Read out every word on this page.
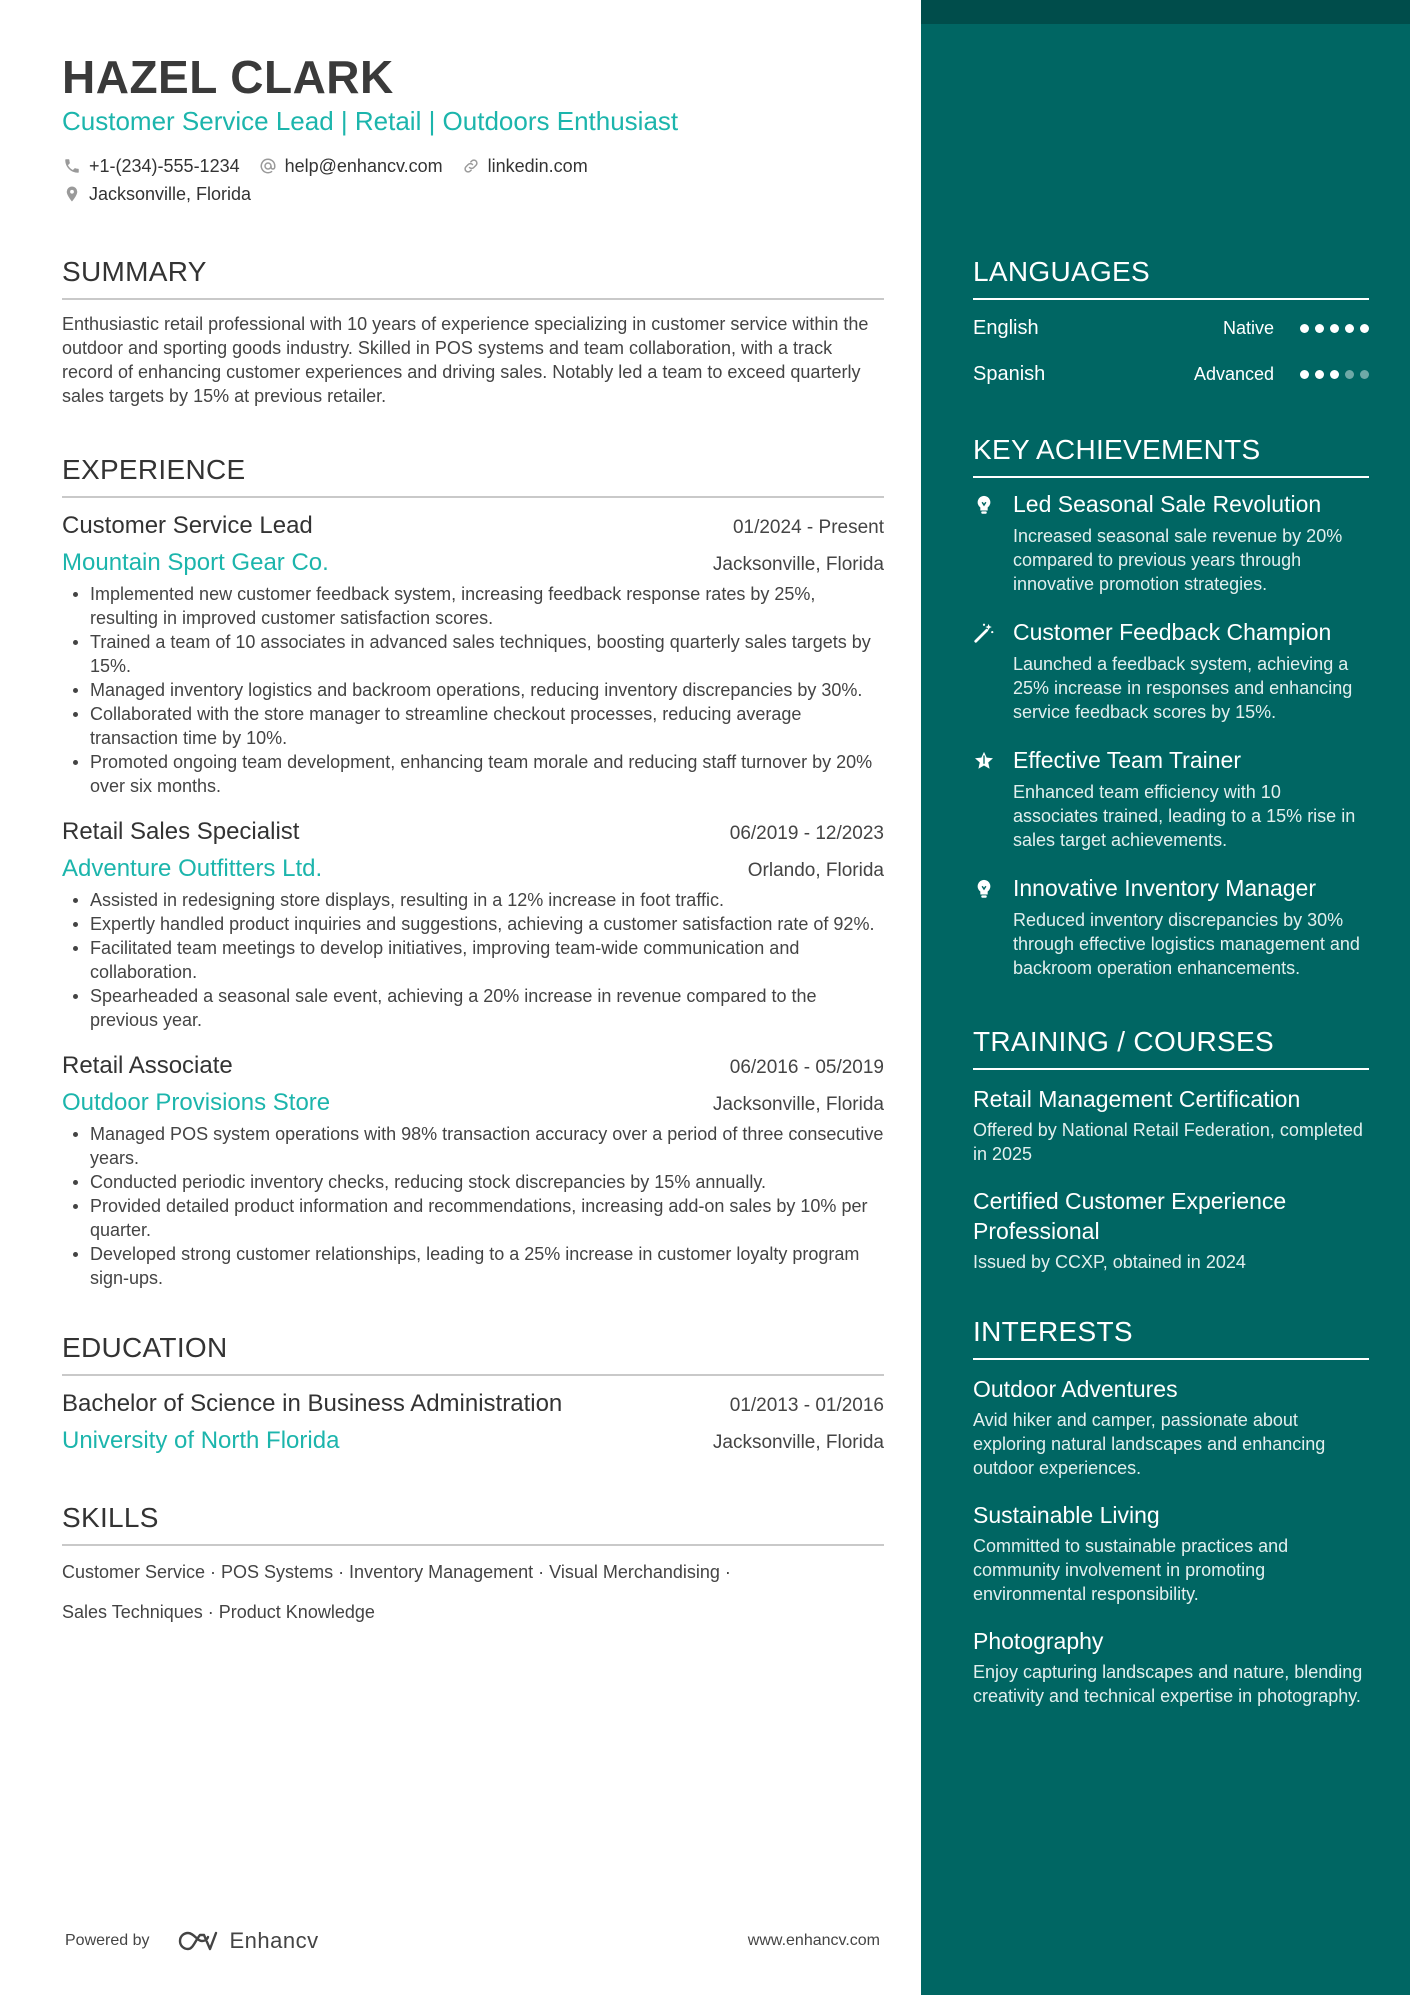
HAZEL CLARK
Customer Service Lead | Retail | Outdoors Enthusiast
+1-(234)-555-1234	help@enhancv.com	linkedin.com
Jacksonville, Florida
SUMMARY
Enthusiastic retail professional with 10 years of experience specializing in customer service within the outdoor and sporting goods industry. Skilled in POS systems and team collaboration, with a track record of enhancing customer experiences and driving sales. Notably led a team to exceed quarterly sales targets by 15% at previous retailer.
EXPERIENCE
Customer Service Lead	01/2024 - Present
Mountain Sport Gear Co.	Jacksonville, Florida
Implemented new customer feedback system, increasing feedback response rates by 25%, resulting in improved customer satisfaction scores.
Trained a team of 10 associates in advanced sales techniques, boosting quarterly sales targets by 15%.
Managed inventory logistics and backroom operations, reducing inventory discrepancies by 30%.
Collaborated with the store manager to streamline checkout processes, reducing average transaction time by 10%.
Promoted ongoing team development, enhancing team morale and reducing staff turnover by 20% over six months.
Retail Sales Specialist	06/2019 - 12/2023
Adventure Outfitters Ltd.	Orlando, Florida
Assisted in redesigning store displays, resulting in a 12% increase in foot traffic.
Expertly handled product inquiries and suggestions, achieving a customer satisfaction rate of 92%.
Facilitated team meetings to develop initiatives, improving team-wide communication and collaboration.
Spearheaded a seasonal sale event, achieving a 20% increase in revenue compared to the previous year.
Retail Associate	06/2016 - 05/2019
Outdoor Provisions Store	Jacksonville, Florida
Managed POS system operations with 98% transaction accuracy over a period of three consecutive years.
Conducted periodic inventory checks, reducing stock discrepancies by 15% annually.
Provided detailed product information and recommendations, increasing add-on sales by 10% per quarter.
Developed strong customer relationships, leading to a 25% increase in customer loyalty program sign-ups.
EDUCATION
Bachelor of Science in Business Administration	01/2013 - 01/2016
University of North Florida	Jacksonville, Florida
SKILLS
Customer Service · POS Systems · Inventory Management · Visual Merchandising ·
Sales Techniques · Product Knowledge
Powered by	Enhancv	www.enhancv.com
LANGUAGES
English	Native
Spanish	Advanced
KEY ACHIEVEMENTS
Led Seasonal Sale Revolution
Increased seasonal sale revenue by 20% compared to previous years through innovative promotion strategies.
Customer Feedback Champion
Launched a feedback system, achieving a 25% increase in responses and enhancing service feedback scores by 15%.
Effective Team Trainer
Enhanced team efficiency with 10 associates trained, leading to a 15% rise in sales target achievements.
Innovative Inventory Manager
Reduced inventory discrepancies by 30% through effective logistics management and backroom operation enhancements.
TRAINING / COURSES
Retail Management Certification
Offered by National Retail Federation, completed in 2025
Certified Customer Experience Professional
Issued by CCXP, obtained in 2024
INTERESTS
Outdoor Adventures
Avid hiker and camper, passionate about exploring natural landscapes and enhancing outdoor experiences.
Sustainable Living
Committed to sustainable practices and community involvement in promoting environmental responsibility.
Photography
Enjoy capturing landscapes and nature, blending creativity and technical expertise in photography.
